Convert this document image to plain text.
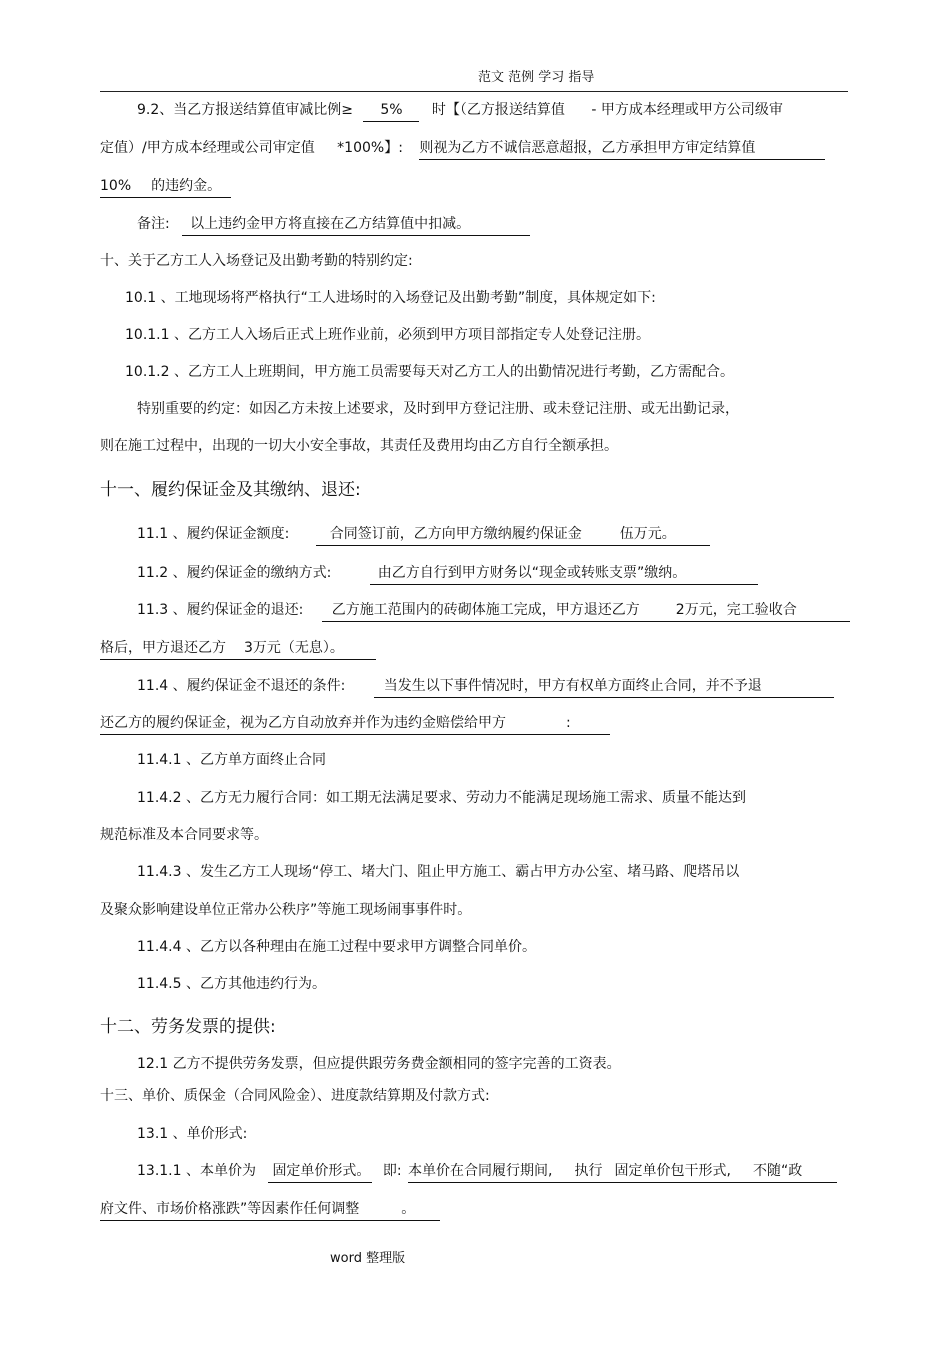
范文 范例 学习 指导
9.2、当乙方报送结算值审减比例≥ 5% 时【（乙方报送结算值 - 甲方成本经理或甲方公司级审
定值）/甲方成本经理或公司审定值 *100%】: 则视为乙方不诚信恶意超报，乙方承担甲方审定结算值
10% 的违约金。
备注: 以上违约金甲方将直接在乙方结算值中扣减。
十、关于乙方工人入场登记及出勤考勤的特别约定:
10.1 、工地现场将严格执行“工人进场时的入场登记及出勤考勤”制度，具体规定如下:
10.1.1 、乙方工人入场后正式上班作业前，必须到甲方项目部指定专人处登记注册。
10.1.2 、乙方工人上班期间，甲方施工员需要每天对乙方工人的出勤情况进行考勤，乙方需配合。
特别重要的约定：如因乙方未按上述要求，及时到甲方登记注册、或未登记注册、或无出勤记录，
则在施工过程中，出现的一切大小安全事故，其责任及费用均由乙方自行全额承担。
十一、履约保证金及其缴纳、退还:
11.1 、履约保证金额度:	合同签订前，乙方向甲方缴纳履约保证金	伍万元。
11.2 、履约保证金的缴纳方式:	由乙方自行到甲方财务以“现金或转账支票”缴纳。
11.3 、履约保证金的退还: 乙方施工范围内的砖砌体施工完成，甲方退还乙方	2万元，完工验收合
格后，甲方退还乙方 3万元（无息）。
11.4 、履约保证金不退还的条件:	当发生以下事件情况时，甲方有权单方面终止合同，并不予退
还乙方的履约保证金，视为乙方自动放弃并作为违约金赔偿给甲方	:
11.4.1 、乙方单方面终止合同
11.4.2 、乙方无力履行合同：如工期无法满足要求、劳动力不能满足现场施工需求、质量不能达到
规范标准及本合同要求等。
11.4.3 、发生乙方工人现场“停工、堵大门、阻止甲方施工、霸占甲方办公室、堵马路、爬塔吊以
及聚众影响建设单位正常办公秩序”等施工现场闹事事件时。
11.4.4 、乙方以各种理由在施工过程中要求甲方调整合同单价。
11.4.5 、乙方其他违约行为。
十二、劳务发票的提供:
12.1 乙方不提供劳务发票，但应提供跟劳务费金额相同的签字完善的工资表。
十三、单价、质保金（合同风险金）、进度款结算期及付款方式:
13.1 、单价形式:
13.1.1 、本单价为 固定单价形式。 即: 本单价在合同履行期间, 执行 固定单价包干形式, 不随“政
府文件、市场价格涨跌”等因素作任何调整	。
word 整理版
